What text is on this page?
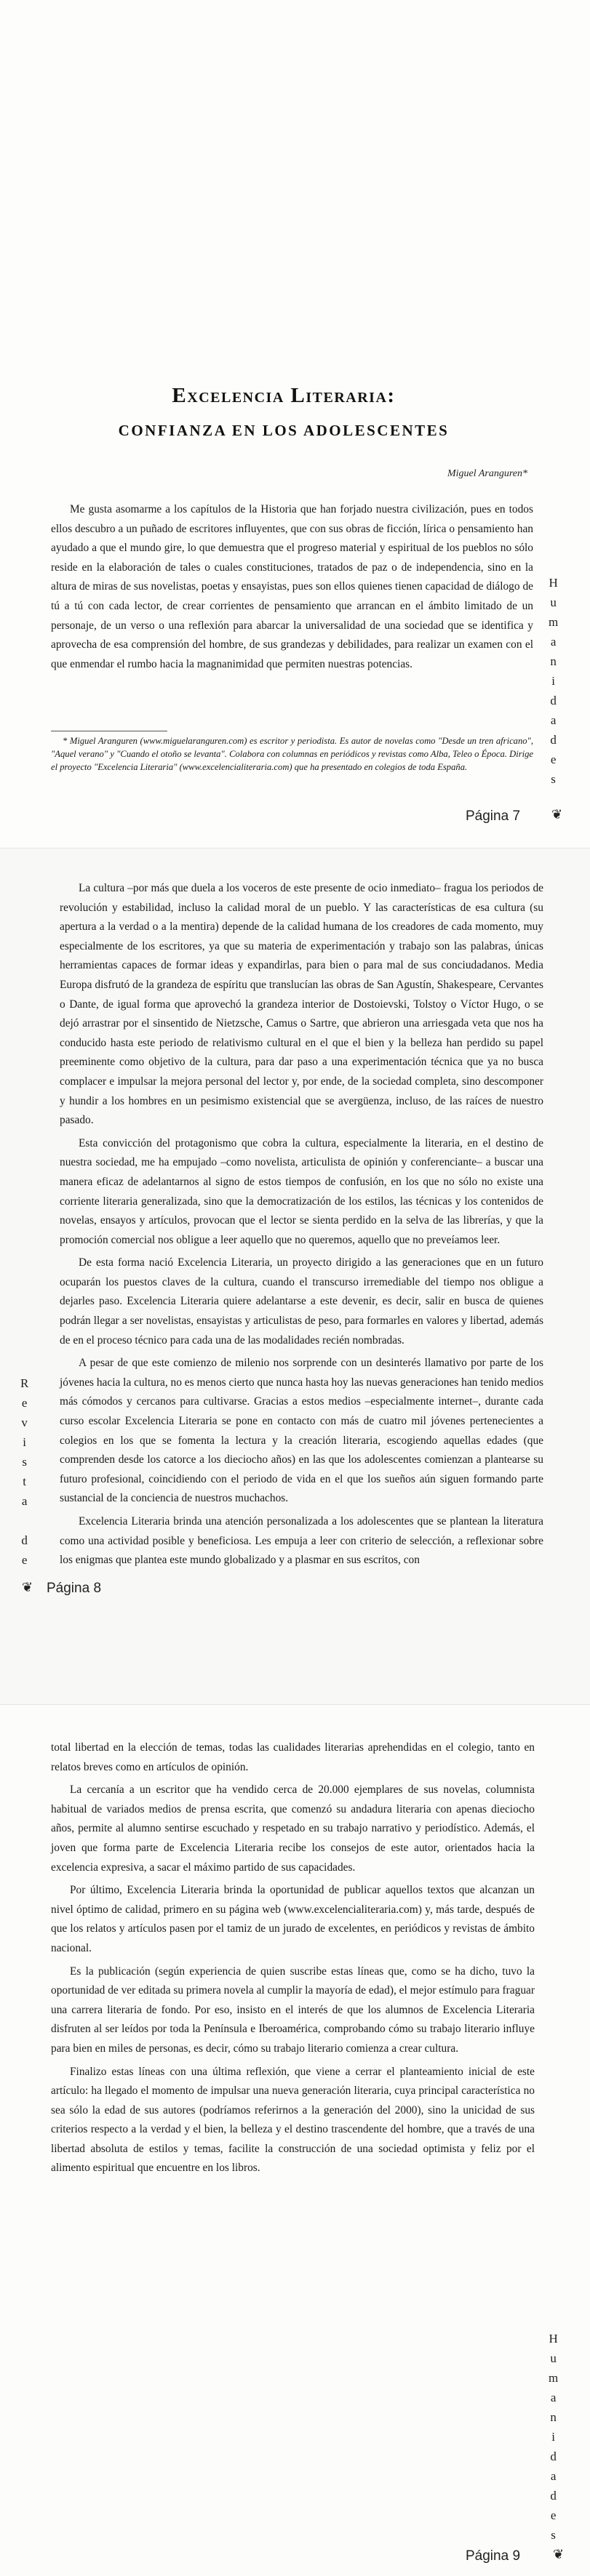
Excelencia Literaria:
CONFIANZA EN LOS ADOLESCENTES
Miguel Aranguren*

Me gusta asomarme a los capítulos de la Historia que han forjado nuestra civilización, pues en todos ellos descubro a un puñado de escritores influyentes, que con sus obras de ficción, lírica o pensamiento han ayudado a que el mundo gire, lo que demuestra que el progreso material y espiritual de los pueblos no sólo reside en la elaboración de tales o cuales constituciones, tratados de paz o de independencia, sino en la altura de miras de sus novelistas, poetas y ensayistas, pues son ellos quienes tienen capacidad de diálogo de tú a tú con cada lector, de crear corrientes de pensamiento que arrancan en el ámbito limitado de un personaje, de un verso o una reflexión para abarcar la universalidad de una sociedad que se identifica y aprovecha de esa comprensión del hombre, de sus grandezas y debilidades, para realizar un examen con el que enmendar el rumbo hacia la magnanimidad que permiten nuestras potencias.

* Miguel Aranguren (www.miguelaranguren.com) es escritor y periodista. Es autor de novelas como "Desde un tren africano", "Aquel verano" y "Cuando el otoño se levanta". Colabora con columnas en periódicos y revistas como Alba, Teleo o Época. Dirige el proyecto "Excelencia Literaria" (www.excelencialiteraria.com) que ha presentado en colegios de toda España.

H
u
m
a
n
i
d
a
d
e
s
Página 7 ❦

La cultura –por más que duela a los voceros de este presente de ocio inmediato– fragua los periodos de revolución y estabilidad, incluso la calidad moral de un pueblo. Y las características de esa cultura (su apertura a la verdad o a la mentira) depende de la calidad humana de los creadores de cada momento, muy especialmente de los escritores, ya que su materia de experimentación y trabajo son las palabras, únicas herramientas capaces de formar ideas y expandirlas, para bien o para mal de sus conciudadanos. Media Europa disfrutó de la grandeza de espíritu que translucían las obras de San Agustín, Shakespeare, Cervantes o Dante, de igual forma que aprovechó la grandeza interior de Dostoievski, Tolstoy o Víctor Hugo, o se dejó arrastrar por el sinsentido de Nietzsche, Camus o Sartre, que abrieron una arriesgada veta que nos ha conducido hasta este periodo de relativismo cultural en el que el bien y la belleza han perdido su papel preeminente como objetivo de la cultura, para dar paso a una experimentación técnica que ya no busca complacer e impulsar la mejora personal del lector y, por ende, de la sociedad completa, sino descomponer y hundir a los hombres en un pesimismo existencial que se avergüenza, incluso, de las raíces de nuestro pasado.

Esta convicción del protagonismo que cobra la cultura, especialmente la literaria, en el destino de nuestra sociedad, me ha empujado –como novelista, articulista de opinión y conferenciante– a buscar una manera eficaz de adelantarnos al signo de estos tiempos de confusión, en los que no sólo no existe una corriente literaria generalizada, sino que la democratización de los estilos, las técnicas y los contenidos de novelas, ensayos y artículos, provocan que el lector se sienta perdido en la selva de las librerías, y que la promoción comercial nos obligue a leer aquello que no queremos, aquello que no preveíamos leer.

De esta forma nació Excelencia Literaria, un proyecto dirigido a las generaciones que en un futuro ocuparán los puestos claves de la cultura, cuando el transcurso irremediable del tiempo nos obligue a dejarles paso. Excelencia Literaria quiere adelantarse a este devenir, es decir, salir en busca de quienes podrán llegar a ser novelistas, ensayistas y articulistas de peso, para formarles en valores y libertad, además de en el proceso técnico para cada una de las modalidades recién nombradas.

A pesar de que este comienzo de milenio nos sorprende con un desinterés llamativo por parte de los jóvenes hacia la cultura, no es menos cierto que nunca hasta hoy las nuevas generaciones han tenido medios más cómodos y cercanos para cultivarse. Gracias a estos medios –especialmente internet–, durante cada curso escolar Excelencia Literaria se pone en contacto con más de cuatro mil jóvenes pertenecientes a colegios en los que se fomenta la lectura y la creación literaria, escogiendo aquellas edades (que comprenden desde los catorce a los dieciocho años) en las que los adolescentes comienzan a plantearse su futuro profesional, coincidiendo con el periodo de vida en el que los sueños aún siguen formando parte sustancial de la conciencia de nuestros muchachos.

Excelencia Literaria brinda una atención personalizada a los adolescentes que se plantean la literatura como una actividad posible y beneficiosa. Les empuja a leer con criterio de selección, a reflexionar sobre los enigmas que plantea este mundo globalizado y a plasmar en sus escritos, con

R
e
v
i
s
t
a
d
e
❦ Página 8

total libertad en la elección de temas, todas las cualidades literarias aprehendidas en el colegio, tanto en relatos breves como en artículos de opinión.

La cercanía a un escritor que ha vendido cerca de 20.000 ejemplares de sus novelas, columnista habitual de variados medios de prensa escrita, que comenzó su andadura literaria con apenas dieciocho años, permite al alumno sentirse escuchado y respetado en su trabajo narrativo y periodístico. Además, el joven que forma parte de Excelencia Literaria recibe los consejos de este autor, orientados hacia la excelencia expresiva, a sacar el máximo partido de sus capacidades.

Por último, Excelencia Literaria brinda la oportunidad de publicar aquellos textos que alcanzan un nivel óptimo de calidad, primero en su página web (www.excelencialiteraria.com) y, más tarde, después de que los relatos y artículos pasen por el tamiz de un jurado de excelentes, en periódicos y revistas de ámbito nacional.

Es la publicación (según experiencia de quien suscribe estas líneas que, como se ha dicho, tuvo la oportunidad de ver editada su primera novela al cumplir la mayoría de edad), el mejor estímulo para fraguar una carrera literaria de fondo. Por eso, insisto en el interés de que los alumnos de Excelencia Literaria disfruten al ser leídos por toda la Península e Iberoamérica, comprobando cómo su trabajo literario influye para bien en miles de personas, es decir, cómo su trabajo literario comienza a crear cultura.

Finalizo estas líneas con una última reflexión, que viene a cerrar el planteamiento inicial de este artículo: ha llegado el momento de impulsar una nueva generación literaria, cuya principal característica no sea sólo la edad de sus autores (podríamos referirnos a la generación del 2000), sino la unicidad de sus criterios respecto a la verdad y el bien, la belleza y el destino trascendente del hombre, que a través de una libertad absoluta de estilos y temas, facilite la construcción de una sociedad optimista y feliz por el alimento espiritual que encuentre en los libros.

H
u
m
a
n
i
d
a
d
e
s
Página 9 ❦
